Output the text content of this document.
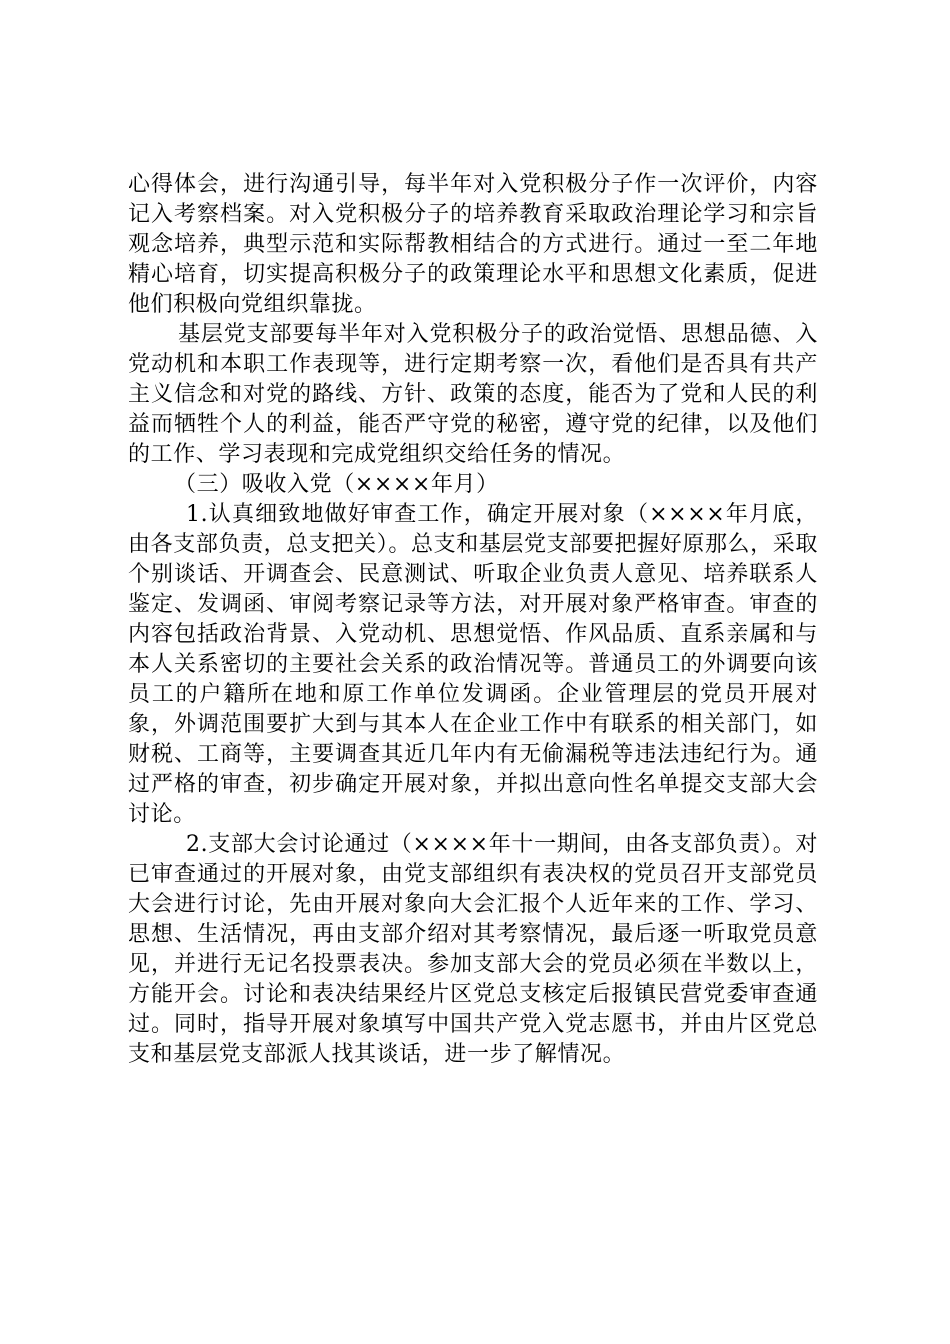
心得体会，进行沟通引导，每半年对入党积极分子作一次评价，内容记入考察档案。对入党积极分子的培养教育采取政治理论学习和宗旨观念培养，典型示范和实际帮教相结合的方式进行。通过一至二年地精心培育，切实提高积极分子的政策理论水平和思想文化素质，促进他们积极向党组织靠拢。

基层党支部要每半年对入党积极分子的政治觉悟、思想品德、入党动机和本职工作表现等，进行定期考察一次，看他们是否具有共产主义信念和对党的路线、方针、政策的态度，能否为了党和人民的利益而牺牲个人的利益，能否严守党的秘密，遵守党的纪律，以及他们的工作、学习表现和完成党组织交给任务的情况。

（三）吸收入党（××××年月）

1.认真细致地做好审查工作，确定开展对象（××××年月底，由各支部负责，总支把关）。总支和基层党支部要把握好原那么，采取个别谈话、开调查会、民意测试、听取企业负责人意见、培养联系人鉴定、发调函、审阅考察记录等方法，对开展对象严格审查。审查的内容包括政治背景、入党动机、思想觉悟、作风品质、直系亲属和与本人关系密切的主要社会关系的政治情况等。普通员工的外调要向该员工的户籍所在地和原工作单位发调函。企业管理层的党员开展对象，外调范围要扩大到与其本人在企业工作中有联系的相关部门，如财税、工商等，主要调查其近几年内有无偷漏税等违法违纪行为。通过严格的审查，初步确定开展对象，并拟出意向性名单提交支部大会讨论。

2.支部大会讨论通过（××××年十一期间，由各支部负责）。对已审查通过的开展对象，由党支部组织有表决权的党员召开支部党员大会进行讨论，先由开展对象向大会汇报个人近年来的工作、学习、思想、生活情况，再由支部介绍对其考察情况，最后逐一听取党员意见，并进行无记名投票表决。参加支部大会的党员必须在半数以上，方能开会。讨论和表决结果经片区党总支核定后报镇民营党委审查通过。同时，指导开展对象填写中国共产党入党志愿书，并由片区党总支和基层党支部派人找其谈话，进一步了解情况。
